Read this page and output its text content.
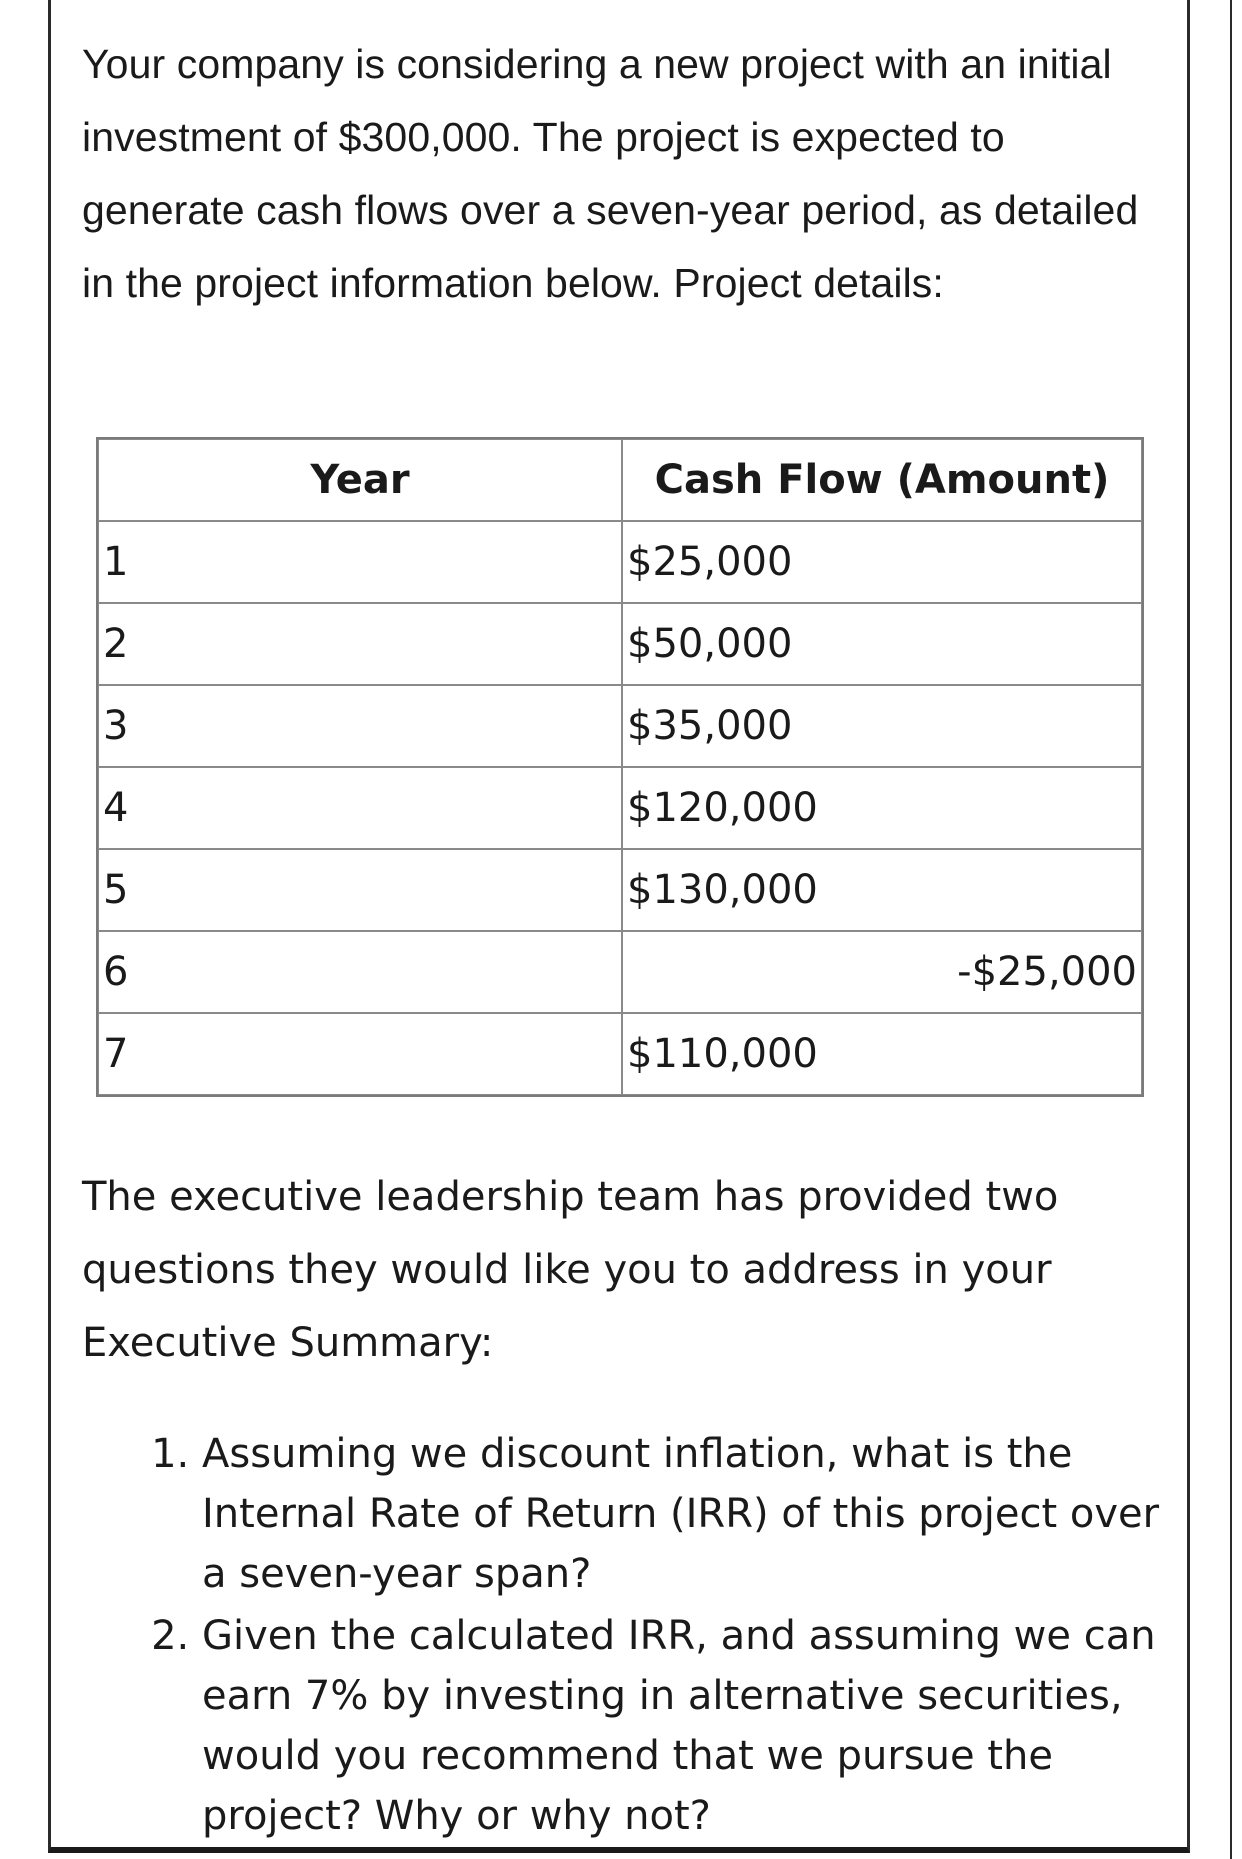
Your company is considering a new project with an initial investment of $300,000. The project is expected to generate cash flows over a seven-year period, as detailed in the project information below. Project details:
Year	Cash Flow (Amount)
1	$25,000
2	$50,000
3	$35,000
4	$120,000
5	$130,000
6	-$25,000
7	$110,000
The executive leadership team has provided two questions they would like you to address in your Executive Summary:
1. Assuming we discount inflation, what is the Internal Rate of Return (IRR) of this project over a seven-year span?
2. Given the calculated IRR, and assuming we can earn 7% by investing in alternative securities, would you recommend that we pursue the project? Why or why not?
